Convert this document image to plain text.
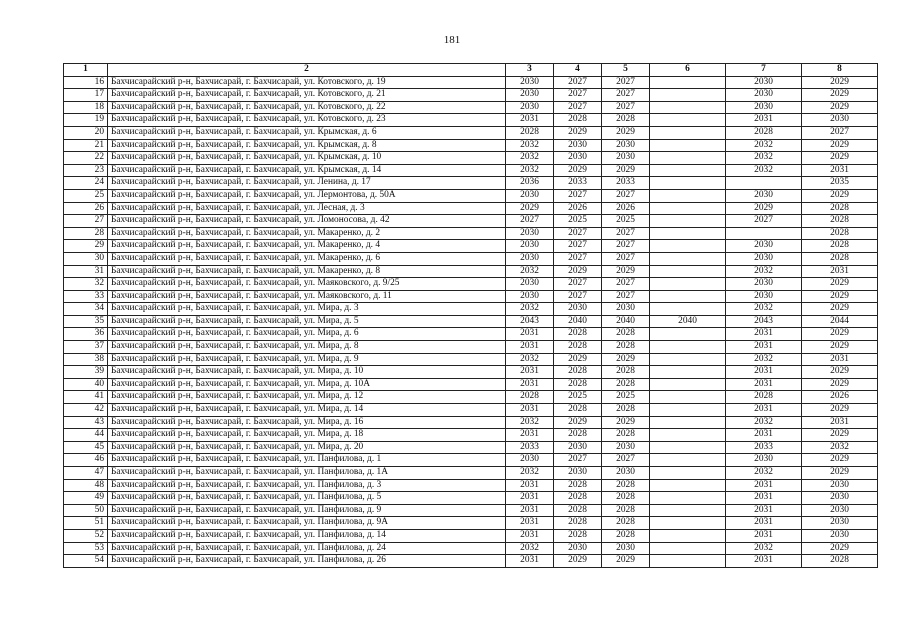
181
1	2	3	4	5	6	7	8
16	Бахчисарайский р-н, Бахчисарай, г. Бахчисарай, ул. Котовского, д. 19	2030	2027	2027		2030	2029
17	Бахчисарайский р-н, Бахчисарай, г. Бахчисарай, ул. Котовского, д. 21	2030	2027	2027		2030	2029
18	Бахчисарайский р-н, Бахчисарай, г. Бахчисарай, ул. Котовского, д. 22	2030	2027	2027		2030	2029
19	Бахчисарайский р-н, Бахчисарай, г. Бахчисарай, ул. Котовского, д. 23	2031	2028	2028		2031	2030
20	Бахчисарайский р-н, Бахчисарай, г. Бахчисарай, ул. Крымская, д. 6	2028	2029	2029		2028	2027
21	Бахчисарайский р-н, Бахчисарай, г. Бахчисарай, ул. Крымская, д. 8	2032	2030	2030		2032	2029
22	Бахчисарайский р-н, Бахчисарай, г. Бахчисарай, ул. Крымская, д. 10	2032	2030	2030		2032	2029
23	Бахчисарайский р-н, Бахчисарай, г. Бахчисарай, ул. Крымская, д. 14	2032	2029	2029		2032	2031
24	Бахчисарайский р-н, Бахчисарай, г. Бахчисарай, ул. Ленина, д. 17	2036	2033	2033			2035
25	Бахчисарайский р-н, Бахчисарай, г. Бахчисарай, ул. Лермонтова, д. 50А	2030	2027	2027		2030	2029
26	Бахчисарайский р-н, Бахчисарай, г. Бахчисарай, ул. Лесная, д. 3	2029	2026	2026		2029	2028
27	Бахчисарайский р-н, Бахчисарай, г. Бахчисарай, ул. Ломоносова, д. 42	2027	2025	2025		2027	2028
28	Бахчисарайский р-н, Бахчисарай, г. Бахчисарай, ул. Макаренко, д. 2	2030	2027	2027			2028
29	Бахчисарайский р-н, Бахчисарай, г. Бахчисарай, ул. Макаренко, д. 4	2030	2027	2027		2030	2028
30	Бахчисарайский р-н, Бахчисарай, г. Бахчисарай, ул. Макаренко, д. 6	2030	2027	2027		2030	2028
31	Бахчисарайский р-н, Бахчисарай, г. Бахчисарай, ул. Макаренко, д. 8	2032	2029	2029		2032	2031
32	Бахчисарайский р-н, Бахчисарай, г. Бахчисарай, ул. Маяковского, д. 9/25	2030	2027	2027		2030	2029
33	Бахчисарайский р-н, Бахчисарай, г. Бахчисарай, ул. Маяковского, д. 11	2030	2027	2027		2030	2029
34	Бахчисарайский р-н, Бахчисарай, г. Бахчисарай, ул. Мира, д. 3	2032	2030	2030		2032	2029
35	Бахчисарайский р-н, Бахчисарай, г. Бахчисарай, ул. Мира, д. 5	2043	2040	2040	2040	2043	2044
36	Бахчисарайский р-н, Бахчисарай, г. Бахчисарай, ул. Мира, д. 6	2031	2028	2028		2031	2029
37	Бахчисарайский р-н, Бахчисарай, г. Бахчисарай, ул. Мира, д. 8	2031	2028	2028		2031	2029
38	Бахчисарайский р-н, Бахчисарай, г. Бахчисарай, ул. Мира, д. 9	2032	2029	2029		2032	2031
39	Бахчисарайский р-н, Бахчисарай, г. Бахчисарай, ул. Мира, д. 10	2031	2028	2028		2031	2029
40	Бахчисарайский р-н, Бахчисарай, г. Бахчисарай, ул. Мира, д. 10А	2031	2028	2028		2031	2029
41	Бахчисарайский р-н, Бахчисарай, г. Бахчисарай, ул. Мира, д. 12	2028	2025	2025		2028	2026
42	Бахчисарайский р-н, Бахчисарай, г. Бахчисарай, ул. Мира, д. 14	2031	2028	2028		2031	2029
43	Бахчисарайский р-н, Бахчисарай, г. Бахчисарай, ул. Мира, д. 16	2032	2029	2029		2032	2031
44	Бахчисарайский р-н, Бахчисарай, г. Бахчисарай, ул. Мира, д. 18	2031	2028	2028		2031	2029
45	Бахчисарайский р-н, Бахчисарай, г. Бахчисарай, ул. Мира, д. 20	2033	2030	2030		2033	2032
46	Бахчисарайский р-н, Бахчисарай, г. Бахчисарай, ул. Панфилова, д. 1	2030	2027	2027		2030	2029
47	Бахчисарайский р-н, Бахчисарай, г. Бахчисарай, ул. Панфилова, д. 1А	2032	2030	2030		2032	2029
48	Бахчисарайский р-н, Бахчисарай, г. Бахчисарай, ул. Панфилова, д. 3	2031	2028	2028		2031	2030
49	Бахчисарайский р-н, Бахчисарай, г. Бахчисарай, ул. Панфилова, д. 5	2031	2028	2028		2031	2030
50	Бахчисарайский р-н, Бахчисарай, г. Бахчисарай, ул. Панфилова, д. 9	2031	2028	2028		2031	2030
51	Бахчисарайский р-н, Бахчисарай, г. Бахчисарай, ул. Панфилова, д. 9А	2031	2028	2028		2031	2030
52	Бахчисарайский р-н, Бахчисарай, г. Бахчисарай, ул. Панфилова, д. 14	2031	2028	2028		2031	2030
53	Бахчисарайский р-н, Бахчисарай, г. Бахчисарай, ул. Панфилова, д. 24	2032	2030	2030		2032	2029
54	Бахчисарайский р-н, Бахчисарай, г. Бахчисарай, ул. Панфилова, д. 26	2031	2029	2029		2031	2028
